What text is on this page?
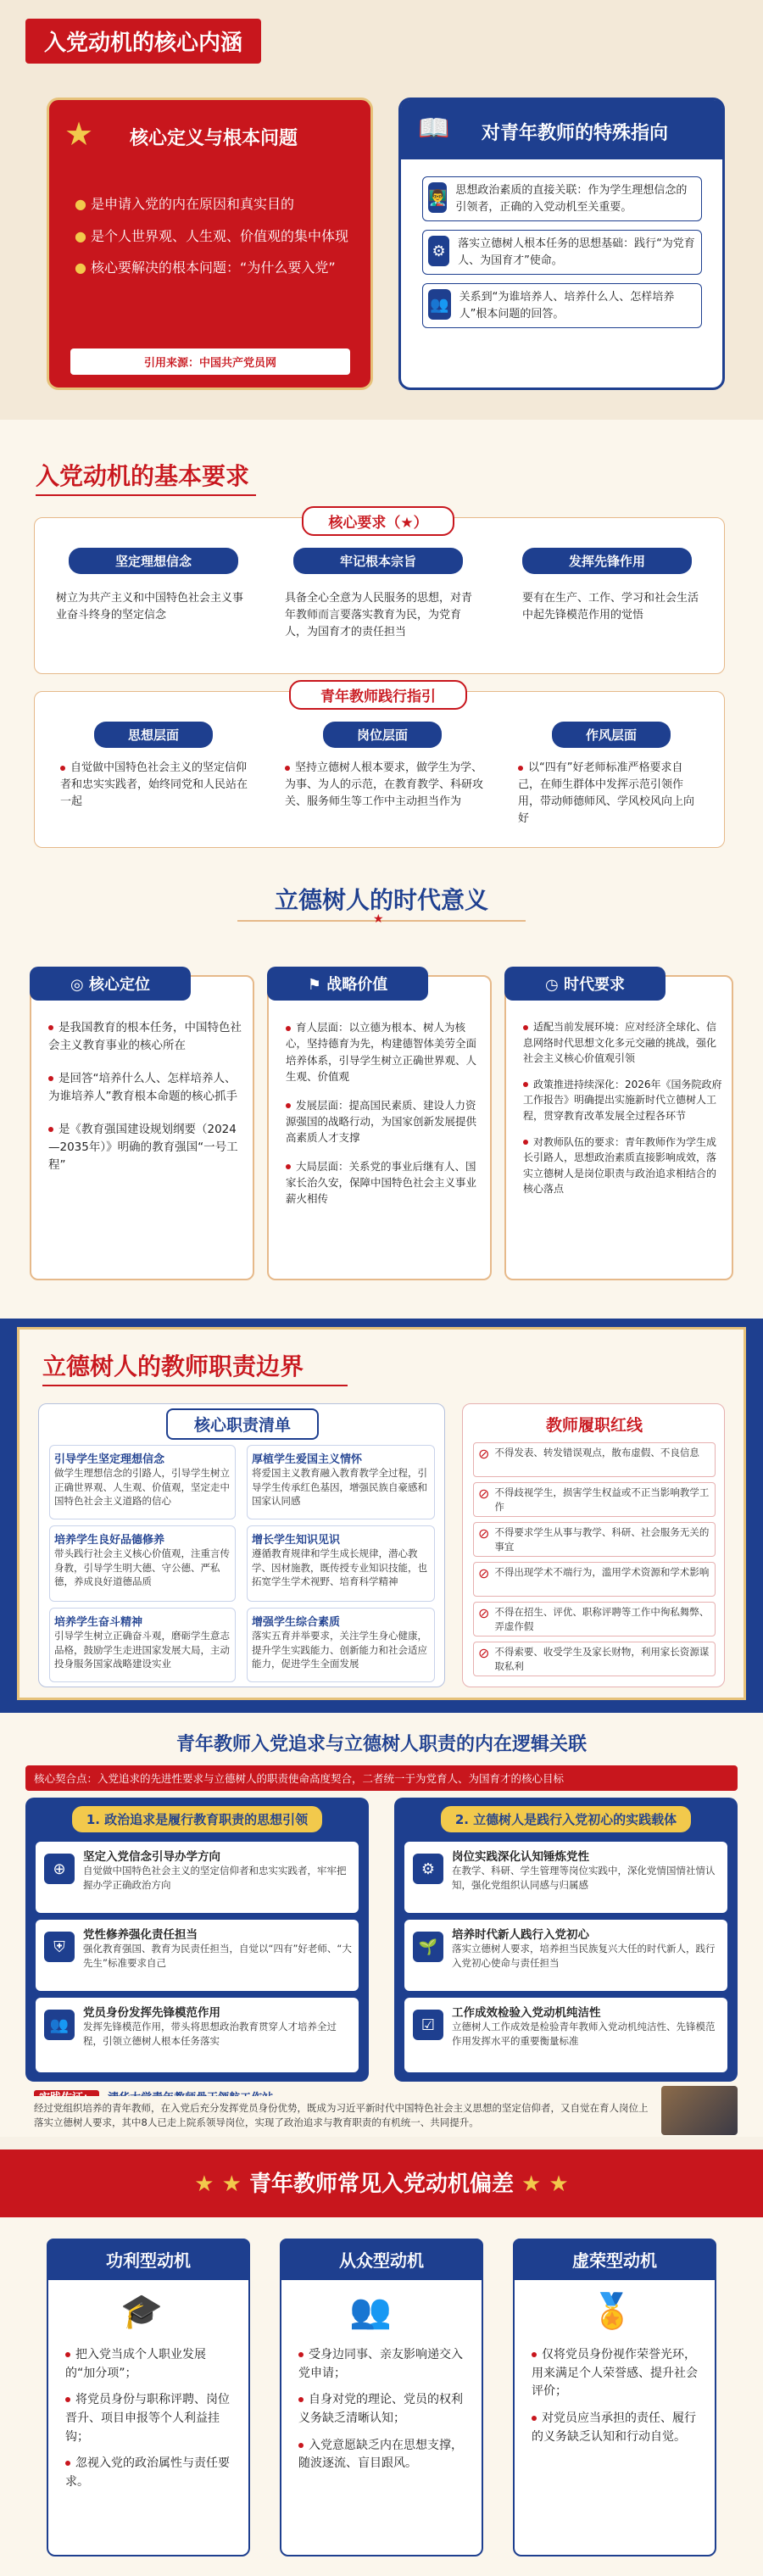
入党动机的核心内涵
★ 核心定义与根本问题
● 是申请入党的内在原因和真实目的
● 是个人世界观、人生观、价值观的集中体现
● 核心要解决的根本问题：“为什么要入党”
引用来源：中国共产党员网
📖 对青年教师的特殊指向
👨‍🏫 思想政治素质的直接关联：作为学生理想信念的引领者，正确的入党动机至关重要。
⚙	落实立德树人根本任务的思想基础：践行“为党育人、为国育才”使命。
👥 关系到“为谁培养人、培养什么人、怎样培养人”根本问题的回答。
入党动机的基本要求
核心要求（★）
坚定理想信念
树立为共产主义和中国特色社会主义事业奋斗终身的坚定信念
牢记根本宗旨
具备全心全意为人民服务的思想，对青年教师而言要落实教育为民，为党育人，为国育才的责任担当
发挥先锋作用
要有在生产、工作、学习和社会生活中起先锋模范作用的觉悟
青年教师践行指引
思想层面
自觉做中国特色社会主义的坚定信仰者和忠实实践者，始终同党和人民站在一起
岗位层面
坚持立德树人根本要求，做学生为学、为事、为人的示范，在教育教学、科研攻关、服务师生等工作中主动担当作为
作风层面
以“四有”好老师标准严格要求自己，在师生群体中发挥示范引领作用，带动师德师风、学风校风向上向好
立德树人的时代意义
★
◎ 核心定位
是我国教育的根本任务，中国特色社会主义教育事业的核心所在
是回答“培养什么人、怎样培养人、为谁培养人”教育根本命题的核心抓手
是《教育强国建设规划纲要（2024—2035年）》明确的教育强国“一号工程”
⚑ 战略价值
育人层面：以立德为根本、树人为核心，坚持德育为先，构建德智体美劳全面培养体系，引导学生树立正确世界观、人生观、价值观
发展层面：提高国民素质、建设人力资源强国的战略行动，为国家创新发展提供高素质人才支撑
大局层面：关系党的事业后继有人、国家长治久安，保障中国特色社会主义事业薪火相传
◷ 时代要求
适配当前发展环境：应对经济全球化、信息网络时代思想文化多元交融的挑战，强化社会主义核心价值观引领
政策推进持续深化：2026年《国务院政府工作报告》明确提出实施新时代立德树人工程，贯穿教育改革发展全过程各环节
对教师队伍的要求：青年教师作为学生成长引路人，思想政治素质直接影响成效，落实立德树人是岗位职责与政治追求相结合的核心落点
立德树人的教师职责边界
核心职责清单
引导学生坚定理想信念
做学生理想信念的引路人，引导学生树立正确世界观、人生观、价值观，坚定走中国特色社会主义道路的信心
厚植学生爱国主义情怀
将爱国主义教育融入教育教学全过程，引导学生传承红色基因，增强民族自豪感和国家认同感
培养学生良好品德修养
带头践行社会主义核心价值观，注重言传身教，引导学生明大德、守公德、严私德，养成良好道德品质
增长学生知识见识
遵循教育规律和学生成长规律，潜心教学、因材施教，既传授专业知识技能，也拓宽学生学术视野、培育科学精神
培养学生奋斗精神
引导学生树立正确奋斗观，磨砺学生意志品格，鼓励学生走进国家发展大局，主动投身服务国家战略建设实业
增强学生综合素质
落实五育并举要求，关注学生身心健康，提升学生实践能力、创新能力和社会适应能力，促进学生全面发展
教师履职红线
⊘ 不得发表、转发错误观点，散布虚假、不良信息
⊘ 不得歧视学生，损害学生权益或不正当影响教学工作
⊘ 不得要求学生从事与教学、科研、社会服务无关的事宜
⊘ 不得出现学术不端行为，滥用学术资源和学术影响
⊘ 不得在招生、评优、职称评聘等工作中徇私舞弊、弄虚作假
⊘ 不得索要、收受学生及家长财物，利用家长资源谋取私利
青年教师入党追求与立德树人职责的内在逻辑关联
核心契合点：入党追求的先进性要求与立德树人的职责使命高度契合，二者统一于为党育人、为国育才的核心目标
1. 政治追求是履行教育职责的思想引领
⊕
坚定入党信念引导办学方向
自觉做中国特色社会主义的坚定信仰者和忠实实践者，牢牢把握办学正确政治方向
⛨
党性修养强化责任担当
强化教育强国、教育为民责任担当，自觉以“四有”好老师、“大先生”标准要求自己
👥
党员身份发挥先锋模范作用
发挥先锋模范作用，带头将思想政治教育贯穿人才培养全过程，引领立德树人根本任务落实
2. 立德树人是践行入党初心的实践载体
⚙
岗位实践深化认知锤炼党性
在教学、科研、学生管理等岗位实践中，深化党情国情社情认知，强化党组织认同感与归属感
🌱
培养时代新人践行入党初心
落实立德树人要求，培养担当民族复兴大任的时代新人，践行入党初心使命与责任担当
☑
工作成效检验入党动机纯洁性
立德树人工作成效是检验青年教师入党动机纯洁性、先锋模范作用发挥水平的重要衡量标准
经过党组织培养的青年教师，在入党后充分发挥党员身份优势，既成为习近平新时代中国特色社会主义思想的坚定信仰者，又自觉在育人岗位上落实立德树人要求，其中8人已走上院系领导岗位，实现了政治追求与教育职责的有机统一、共同提升。
★ ★ 青年教师常见入党动机偏差 ★ ★
功利型动机
🎓
把入党当成个人职业发展的“加分项”；
将党员身份与职称评聘、岗位晋升、项目申报等个人利益挂钩；
忽视入党的政治属性与责任要求。
从众型动机
👥
受身边同事、亲友影响递交入党申请；
自身对党的理论、党员的权利义务缺乏清晰认知；
入党意愿缺乏内在思想支撑，随波逐流、盲目跟风。
虚荣型动机
🏅
仅将党员身份视作荣誉光环，用来满足个人荣誉感、提升社会评价；
对党员应当承担的责任、履行的义务缺乏认知和行动自觉。
